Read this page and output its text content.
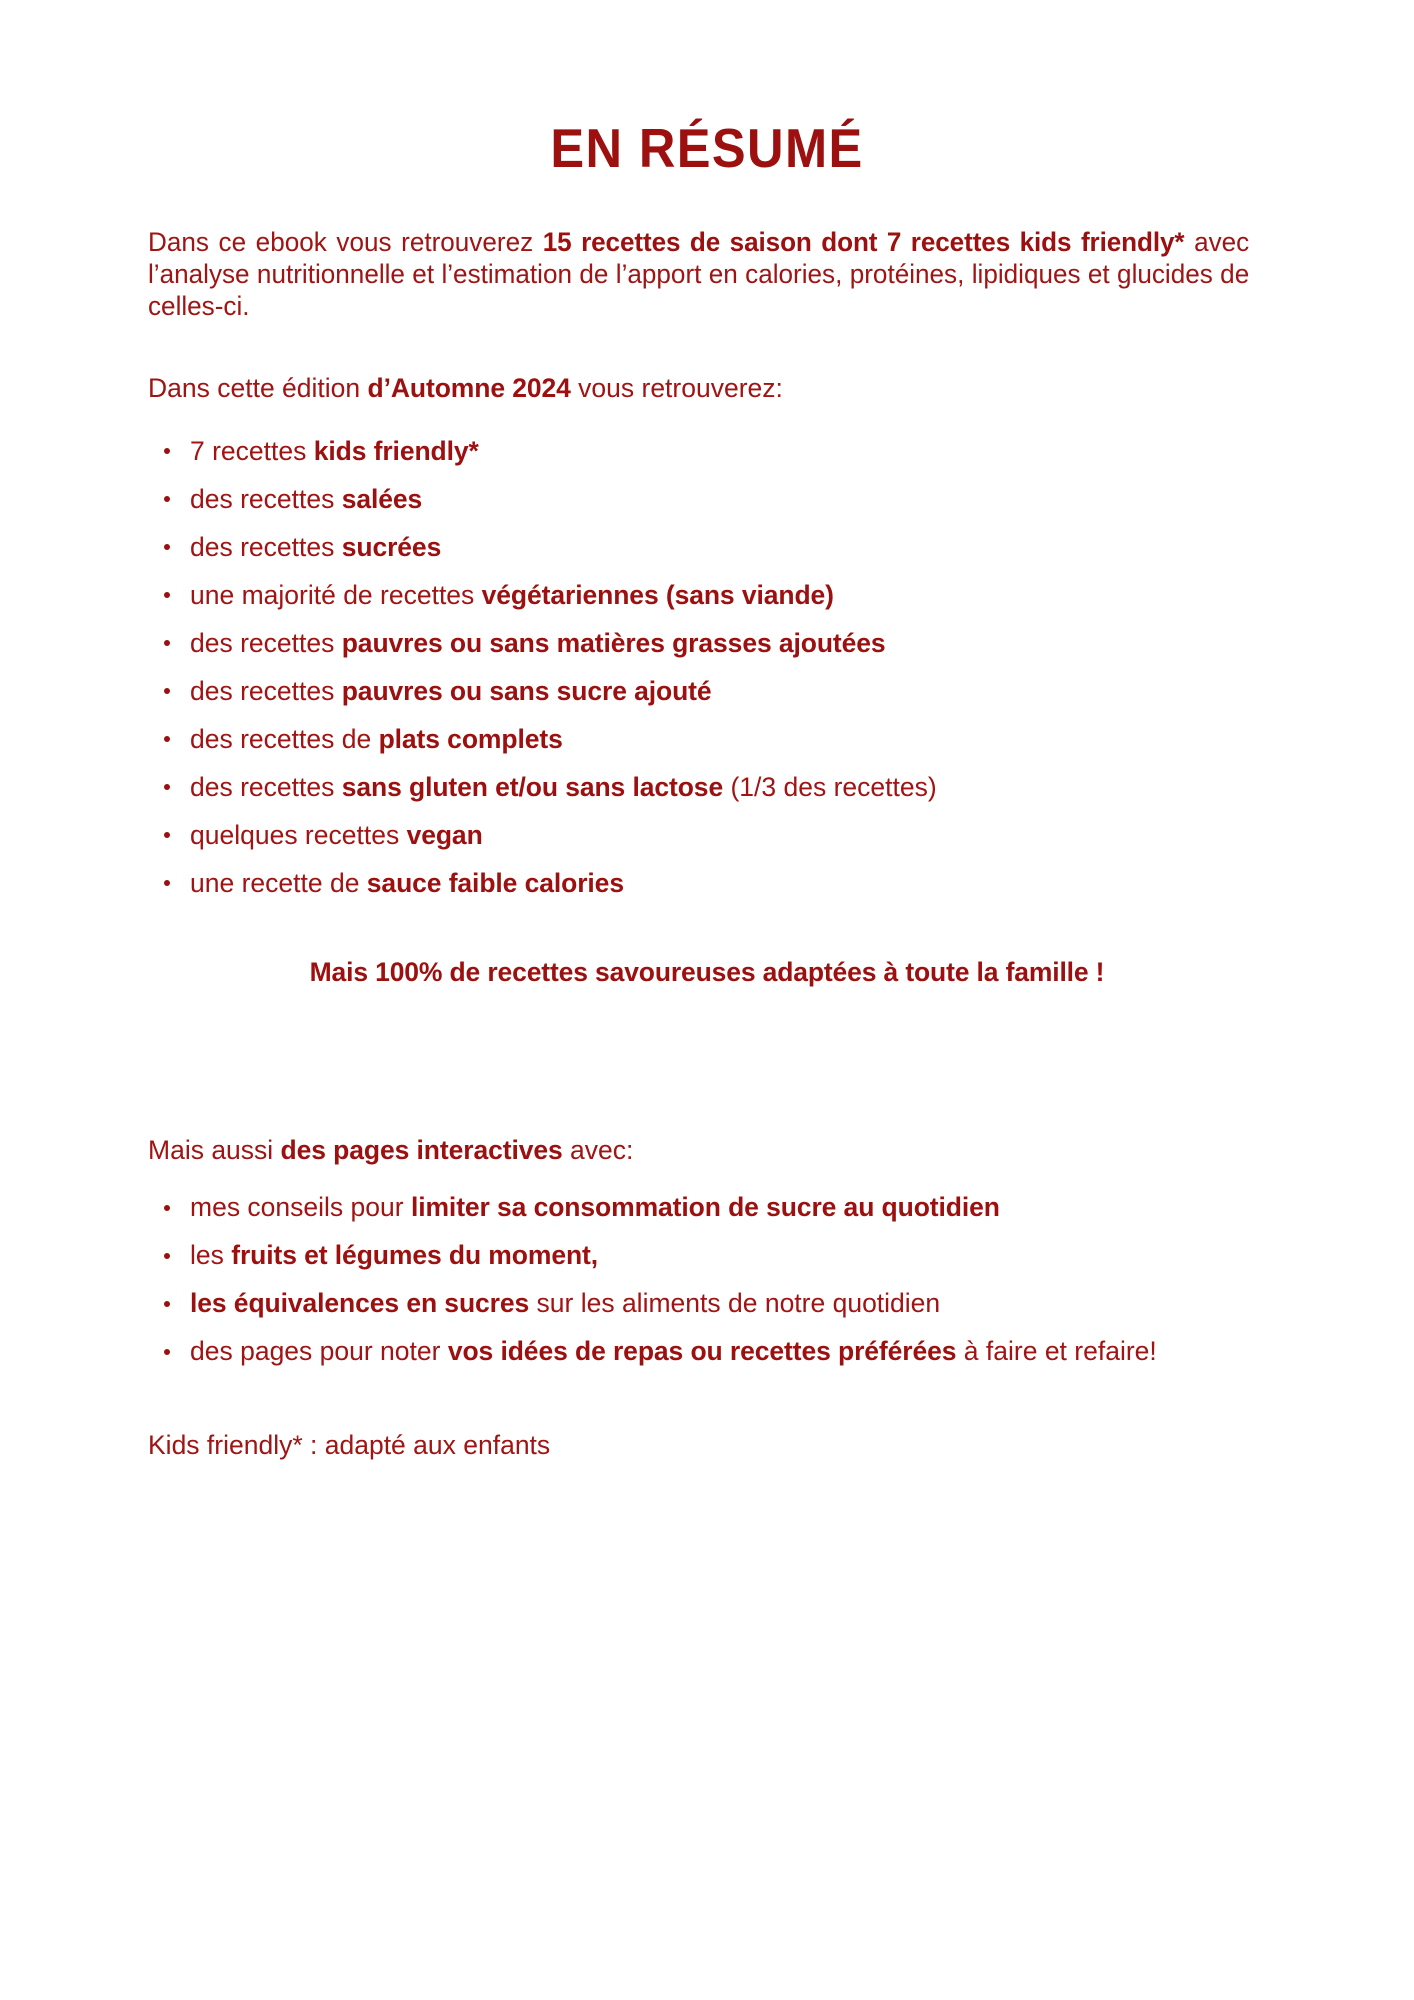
EN RÉSUMÉ

Dans ce ebook vous retrouverez 15 recettes de saison dont 7 recettes kids friendly* avec l’analyse nutritionnelle et l’estimation de l’apport en calories, protéines, lipidiques et glucides de celles-ci.

Dans cette édition d’Automne 2024 vous retrouverez:

7 recettes kids friendly*
des recettes salées
des recettes sucrées
une majorité de recettes végétariennes (sans viande)
des recettes pauvres ou sans matières grasses ajoutées
des recettes pauvres ou sans sucre ajouté
des recettes de plats complets
des recettes sans gluten et/ou sans lactose (1/3 des recettes)
quelques recettes vegan
une recette de sauce faible calories

Mais 100% de recettes savoureuses adaptées à toute la famille !

Mais aussi des pages interactives avec:

mes conseils pour limiter sa consommation de sucre au quotidien
les fruits et légumes du moment,
les équivalences en sucres sur les aliments de notre quotidien
des pages pour noter vos idées de repas ou recettes préférées à faire et refaire!

Kids friendly* : adapté aux enfants
